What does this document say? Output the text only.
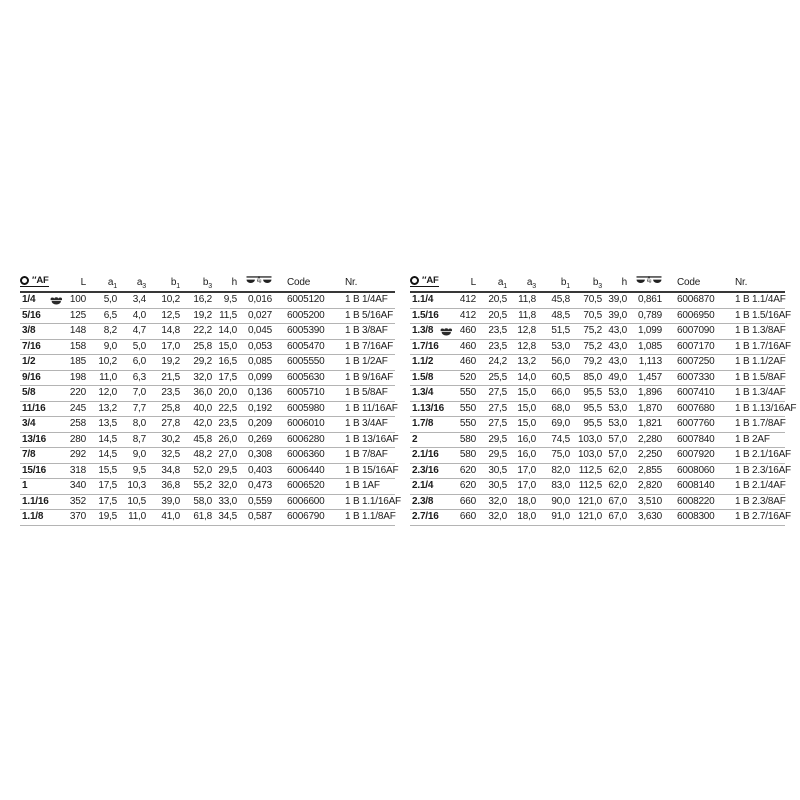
″AF	L	$a_1$	$a_3$	$b_1$	$b_3$	h	kg	Code	Nr.
1/4	100	5,0	3,4	10,2	16,2	9,5	0,016	6005120	1 B 1/4AF
5/16	125	6,5	4,0	12,5	19,2	11,5	0,027	6005200	1 B 5/16AF
3/8	148	8,2	4,7	14,8	22,2	14,0	0,045	6005390	1 B 3/8AF
7/16	158	9,0	5,0	17,0	25,8	15,0	0,053	6005470	1 B 7/16AF
1/2	185	10,2	6,0	19,2	29,2	16,5	0,085	6005550	1 B 1/2AF
9/16	198	11,0	6,3	21,5	32,0	17,5	0,099	6005630	1 B 9/16AF
5/8	220	12,0	7,0	23,5	36,0	20,0	0,136	6005710	1 B 5/8AF
11/16	245	13,2	7,7	25,8	40,0	22,5	0,192	6005980	1 B 11/16AF
3/4	258	13,5	8,0	27,8	42,0	23,5	0,209	6006010	1 B 3/4AF
13/16	280	14,5	8,7	30,2	45,8	26,0	0,269	6006280	1 B 13/16AF
7/8	292	14,5	9,0	32,5	48,2	27,0	0,308	6006360	1 B 7/8AF
15/16	318	15,5	9,5	34,8	52,0	29,5	0,403	6006440	1 B 15/16AF
1	340	17,5	10,3	36,8	55,2	32,0	0,473	6006520	1 B 1AF
1.1/16	352	17,5	10,5	39,0	58,0	33,0	0,559	6006600	1 B 1.1/16AF
1.1/8	370	19,5	11,0	41,0	61,8	34,5	0,587	6006790	1 B 1.1/8AF
″AF	L	$a_1$	$a_3$	$b_1$	$b_3$	h	kg	Code	Nr.
1.1/4	412	20,5	11,8	45,8	70,5	39,0	0,861	6006870	1 B 1.1/4AF
1.5/16	412	20,5	11,8	48,5	70,5	39,0	0,789	6006950	1 B 1.5/16AF
1.3/8	460	23,5	12,8	51,5	75,2	43,0	1,099	6007090	1 B 1.3/8AF
1.7/16	460	23,5	12,8	53,0	75,2	43,0	1,085	6007170	1 B 1.7/16AF
1.1/2	460	24,2	13,2	56,0	79,2	43,0	1,113	6007250	1 B 1.1/2AF
1.5/8	520	25,5	14,0	60,5	85,0	49,0	1,457	6007330	1 B 1.5/8AF
1.3/4	550	27,5	15,0	66,0	95,5	53,0	1,896	6007410	1 B 1.3/4AF
1.13/16	550	27,5	15,0	68,0	95,5	53,0	1,870	6007680	1 B 1.13/16AF
1.7/8	550	27,5	15,0	69,0	95,5	53,0	1,821	6007760	1 B 1.7/8AF
2	580	29,5	16,0	74,5	103,0	57,0	2,280	6007840	1 B 2AF
2.1/16	580	29,5	16,0	75,0	103,0	57,0	2,250	6007920	1 B 2.1/16AF
2.3/16	620	30,5	17,0	82,0	112,5	62,0	2,855	6008060	1 B 2.3/16AF
2.1/4	620	30,5	17,0	83,0	112,5	62,0	2,820	6008140	1 B 2.1/4AF
2.3/8	660	32,0	18,0	90,0	121,0	67,0	3,510	6008220	1 B 2.3/8AF
2.7/16	660	32,0	18,0	91,0	121,0	67,0	3,630	6008300	1 B 2.7/16AF
